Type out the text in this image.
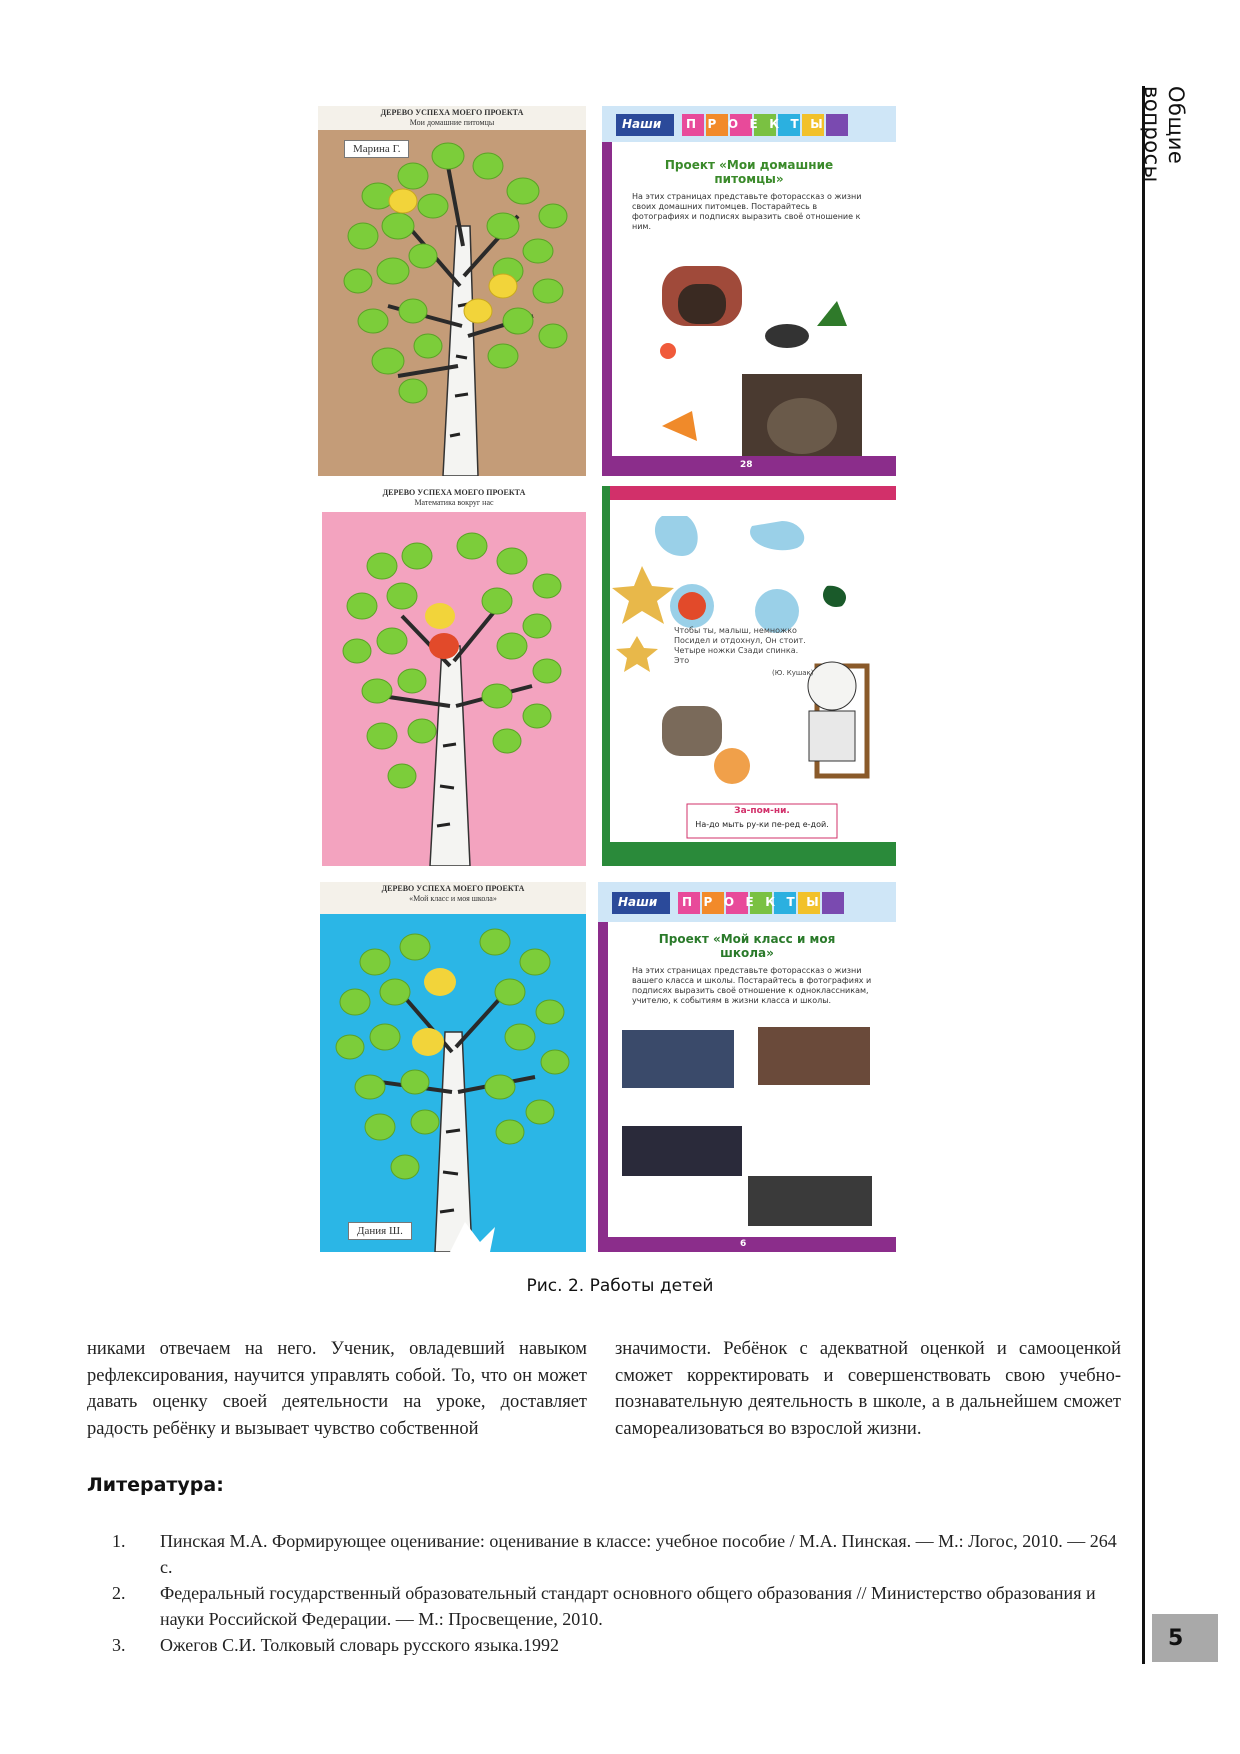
Общие вопросы
5
ДЕРЕВО УСПЕХА МОЕГО ПРОЕКТА
Мои домашние питомцы
Марина Г.
Наши ПРОЕКТЫ
Проект «Мои домашние питомцы»
На этих страницах представьте фоторассказ о жизни своих домашних питомцев. Постарайтесь в фотографиях и подписях выразить своё отношение к ним.
28
ДЕРЕВО УСПЕХА МОЕГО ПРОЕКТА
Математика вокруг нас
Чтобы ты, малыш, немножко Посидел и отдохнул, Он стоит. Четыре ножки Сзади спинка. Это
(Ю. Кушак)
За-пом-ни.
На-до мыть ру-ки пе-ред е-дой.
ДЕРЕВО УСПЕХА МОЕГО ПРОЕКТА
«Мой класс и моя школа»
Дания Ш.
Наши ПРОЕКТЫ
Проект «Мой класс и моя школа»
На этих страницах представьте фоторассказ о жизни вашего класса и школы. Постарайтесь в фотографиях и подписях выразить своё отношение к одноклассникам, учителю, к событиям в жизни класса и школы.
6
Рис. 2. Работы детей
никами отвечаем на него. Ученик, овладевший навыком рефлексирования, научится управлять собой. То, что он может давать оценку своей деятельности на уроке, доставляет радость ребёнку и вызывает чувство собственной
значимости. Ребёнок с адекватной оценкой и самооценкой сможет корректировать и совершенствовать свою учебно-познавательную деятельность в школе, а в дальнейшем сможет самореализоваться во взрослой жизни.
Литература:
1.	Пинская М.А. Формирующее оценивание: оценивание в классе: учебное пособие / М.А. Пинская. — М.: Логос, 2010. — 264 с.
2.	Федеральный государственный образовательный стандарт основного общего образования // Министерство образования и науки Российской Федерации. — М.: Просвещение, 2010.
3.	Ожегов С.И. Толковый словарь русского языка.1992
